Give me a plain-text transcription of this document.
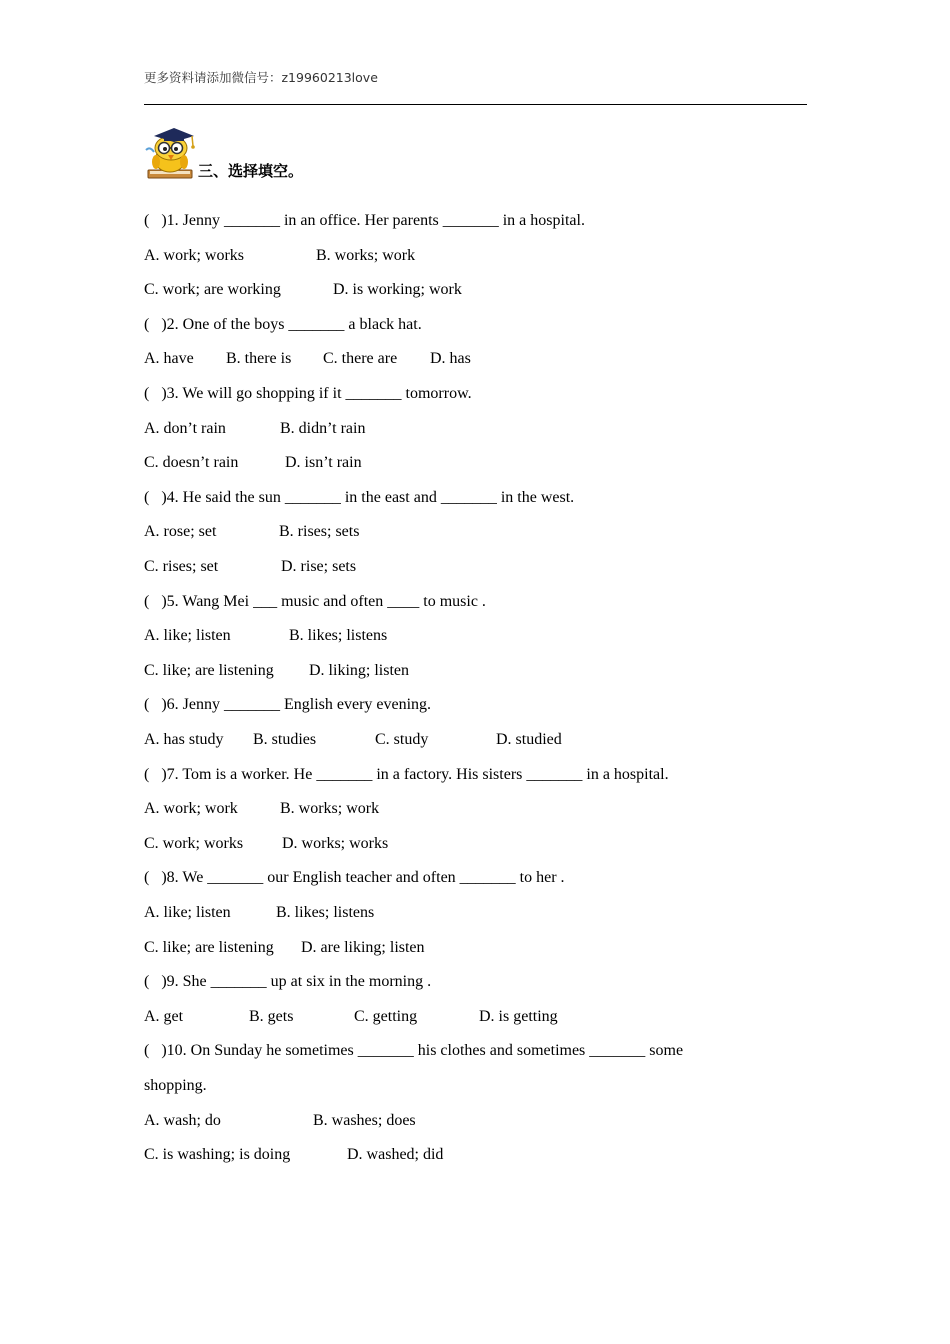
更多资料请添加微信号：z19960213love
三、选择填空。
(   )1. Jenny _______ in an office. Her parents _______ in a hospital.
A. work; works	B. works; work
C. work; are working	D. is working; work
(   )2. One of the boys _______ a black hat.
A. have B. there is C. there are D. has
(   )3. We will go shopping if it _______ tomorrow.
A. don’t rain	B. didn’t rain
C. doesn’t rain	D. isn’t rain
(   )4. He said the sun _______ in the east and _______ in the west.
A. rose; set	B. rises; sets
C. rises; set	D. rise; sets
(   )5. Wang Mei ___ music and often ____ to music .
A. like; listen	B. likes; listens
C. like; are listening D. liking; listen
(   )6. Jenny _______ English every evening.
A. has study B. studies	C. study	D. studied
(   )7. Tom is a worker. He _______ in a factory. His sisters _______ in a hospital.
A. work; work	B. works; work
C. work; works D. works; works
(   )8. We _______ our English teacher and often _______ to her .
A. like; listen	B. likes; listens
C. like; are listening D. are liking; listen
(   )9. She _______ up at six in the morning .
A. get	B. gets	C. getting	D. is getting
(   )10. On Sunday he sometimes _______ his clothes and sometimes _______ some
shopping.
A. wash; do	B. washes; does
C. is washing; is doing	D. washed; did
